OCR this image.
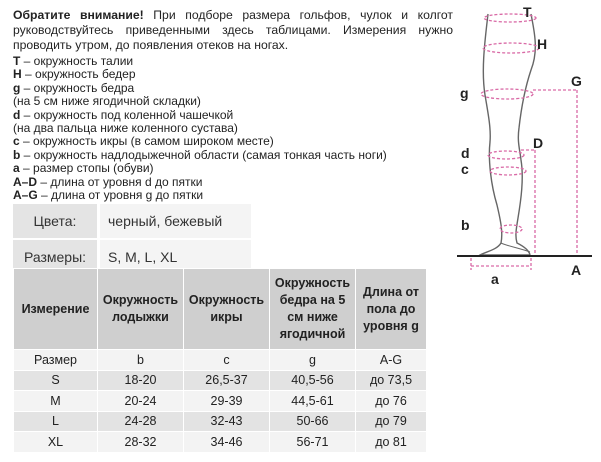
Обратите внимание! При подборе размера гольфов, чулок и колгот руководствуйтесь приведенными здесь таблицами. Измерения нужно проводить утром, до появления отеков на ногах.

T – окружность талии
H – окружность бедер
g – окружность бедра
(на 5 см ниже ягодичной складки)
d – окружность под коленной чашечкой
(на два пальца ниже коленного сустава)
c – окружность икры (в самом широком месте)
b – окружность надлодыжечной области (самая тонкая часть ноги)
a – размер стопы (обуви)
A–D – длина от уровня d до пятки
A–G – длина от уровня g до пятки
Цвета:	черный, бежевый
Размеры:	S, M, L, XL
Измерение	Окружность лодыжки	Окружность икры	Окружность бедра на 5 см ниже ягодичной	Длина от пола до уровня g
Размер	b	c	g	A-G
S	18-20	26,5-37	40,5-56	до 73,5
M	20-24	29-39	44,5-61	до 76
L	24-28	32-43	50-66	до 79
XL	28-32	34-46	56-71	до 81
T
H
G
g
d
D
c
b
a
A
